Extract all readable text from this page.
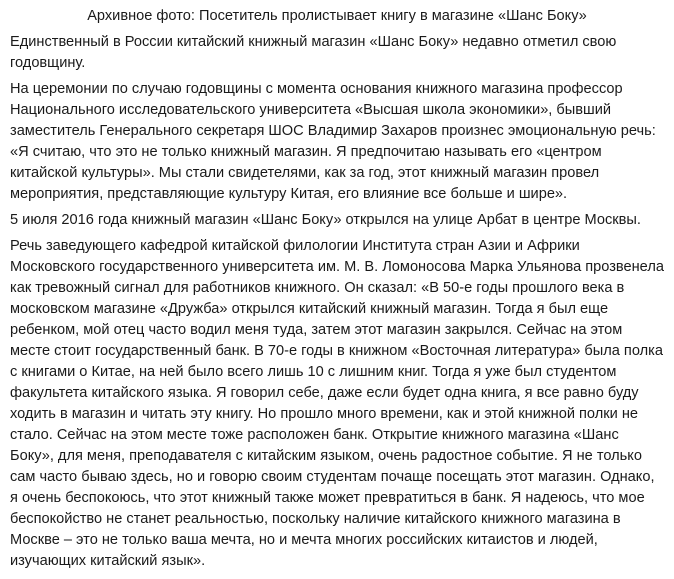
Архивное фото: Посетитель пролистывает книгу в магазине «Шанс Боку»

Единственный в России китайский книжный магазин «Шанс Боку» недавно отметил свою годовщину.

На церемонии по случаю годовщины с момента основания книжного магазина профессор Национального исследовательского университета «Высшая школа экономики», бывший заместитель Генерального секретаря ШОС Владимир Захаров произнес эмоциональную речь: «Я считаю, что это не только книжный магазин. Я предпочитаю называть его «центром китайской культуры». Мы стали свидетелями, как за год, этот книжный магазин провел мероприятия, представляющие культуру Китая, его влияние все больше и шире».

5 июля 2016 года книжный магазин «Шанс Боку» открылся на улице Арбат в центре Москвы.

Речь заведующего кафедрой китайской филологии Института стран Азии и Африки Московского государственного университета им. М. В. Ломоносова Марка Ульянова прозвенела как тревожный сигнал для работников книжного. Он сказал: «В 50-е годы прошлого века в московском магазине «Дружба» открылся китайский книжный магазин. Тогда я был еще ребенком, мой отец часто водил меня туда, затем этот магазин закрылся. Сейчас на этом месте стоит государственный банк. В 70-е годы в книжном «Восточная литература» была полка с книгами о Китае, на ней было всего лишь 10 с лишним книг. Тогда я уже был студентом факультета китайского языка. Я говорил себе, даже если будет одна книга, я все равно буду ходить в магазин и читать эту книгу. Но прошло много времени, как и этой книжной полки не стало. Сейчас на этом месте тоже расположен банк. Открытие книжного магазина «Шанс Боку», для меня, преподавателя с китайским языком, очень радостное событие. Я не только сам часто бываю здесь, но и говорю своим студентам почаще посещать этот магазин. Однако, я очень беспокоюсь, что этот книжный также может превратиться в банк. Я надеюсь, что мое беспокойство не станет реальностью, поскольку наличие китайского книжного магазина в Москве – это не только ваша мечта, но и мечта многих российских китаистов и людей, изучающих китайский язык».
